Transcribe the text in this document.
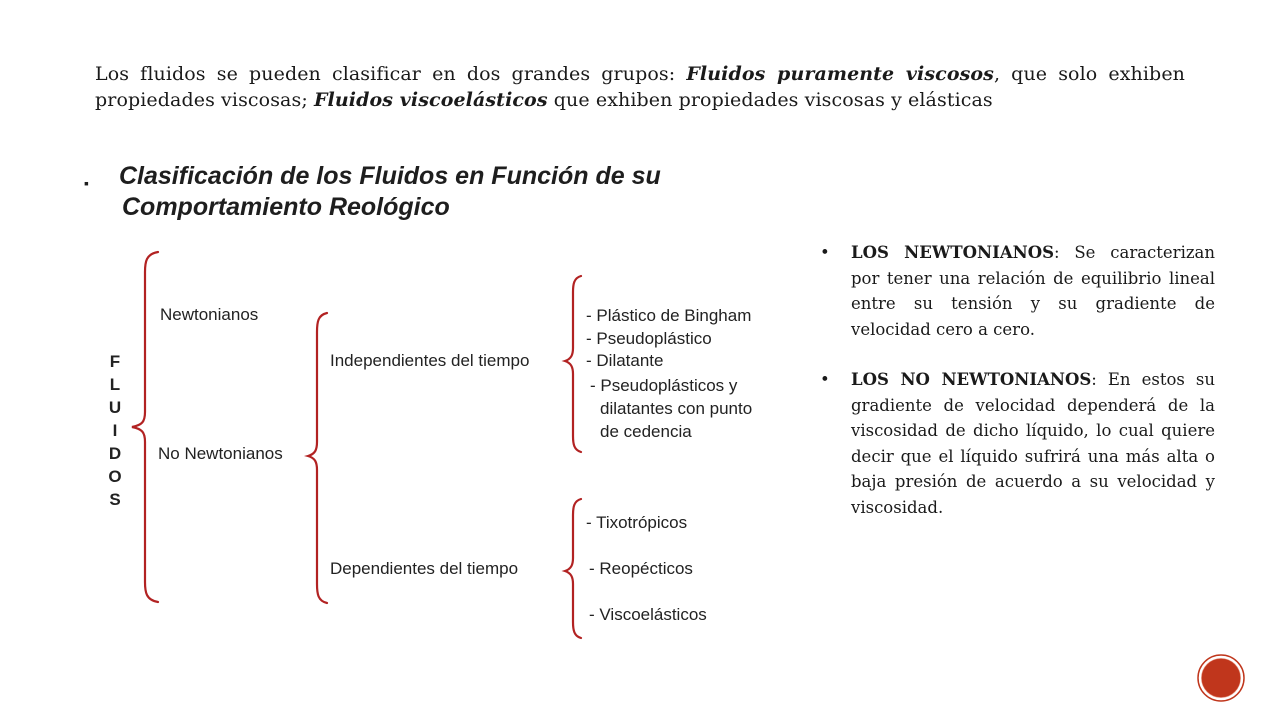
Los fluidos se pueden clasificar en dos grandes grupos: Fluidos puramente viscosos, que solo exhiben propiedades viscosas; Fluidos viscoelásticos que exhiben propiedades viscosas y elásticas
▪ Clasificación de los Fluidos en Función de su
Comportamiento Reológico
F
L
U
I
D
O
S
Newtonianos
No Newtonianos
Independientes del tiempo
Dependientes del tiempo
- Plástico de Bingham
- Pseudoplástico
- Dilatante
- Pseudoplásticos y
dilatantes con punto
de cedencia
- Tixotrópicos
- Reopécticos
- Viscoelásticos
• LOS NEWTONIANOS: Se caracterizan por tener una relación de equilibrio lineal entre su tensión y su gradiente de velocidad cero a cero.
• LOS NO NEWTONIANOS: En estos su gradiente de velocidad dependerá de la viscosidad de dicho líquido, lo cual quiere decir que el líquido sufrirá una más alta o baja presión de acuerdo a su velocidad y viscosidad.
